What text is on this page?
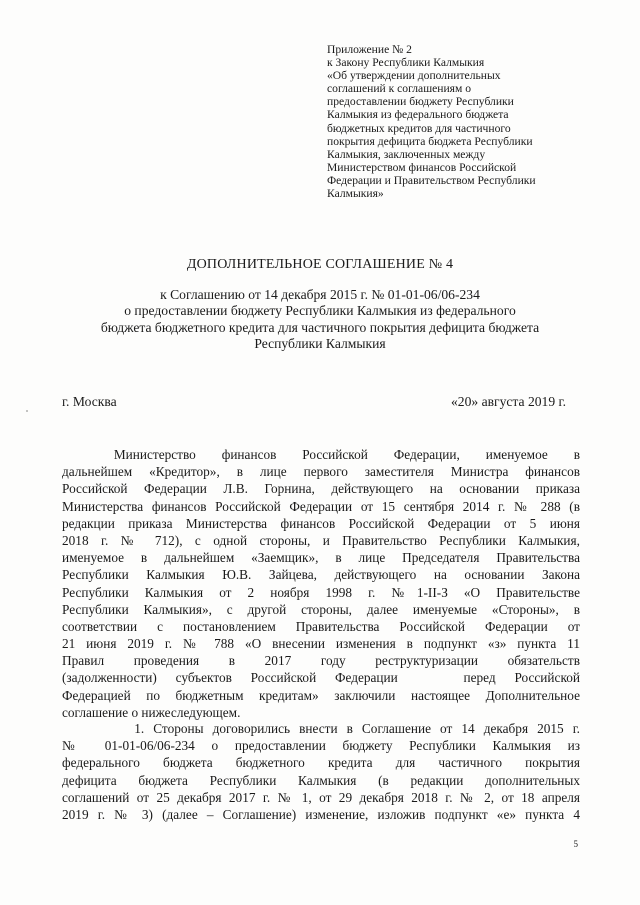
Приложение № 2
к Закону Республики Калмыкия
«Об утверждении дополнительных
соглашений к соглашениям о
предоставлении бюджету Республики
Калмыкия из федерального бюджета
бюджетных кредитов для частичного
покрытия дефицита бюджета Республики
Калмыкия, заключенных между
Министерством финансов Российской
Федерации и Правительством Республики
Калмыкия»
ДОПОЛНИТЕЛЬНОЕ СОГЛАШЕНИЕ № 4
к Соглашению от 14 декабря 2015 г. № 01-01-06/06-234
о предоставлении бюджету Республики Калмыкия из федерального
бюджета бюджетного кредита для частичного покрытия дефицита бюджета
Республики Калмыкия
г. Москва	«20» августа 2019 г.
Министерство    финансов    Российской    Федерации,    именуемое    в
дальнейшем «Кредитор», в лице первого заместителя Министра финансов
Российской Федерации Л.В. Горнина, действующего на основании приказа
Министерства финансов Российской Федерации от 15 сентября 2014 г. № 288 (в
редакции приказа Министерства финансов Российской Федерации от 5 июня
2018 г. № 712), с одной стороны, и Правительство Республики Калмыкия,
именуемое в дальнейшем «Заемщик», в лице Председателя Правительства
Республики Калмыкия Ю.В. Зайцева, действующего на основании Закона
Республики Калмыкия от 2 ноября 1998 г. №1-II-З «О Правительстве
Республики Калмыкия», с другой стороны, далее именуемые «Стороны», в
соответствии с постановлением Правительства Российской Федерации от
21 июня 2019 г. № 788 «О внесении изменения в подпункт «з» пункта 11
Правил    проведения    в    2017    году    реструктуризации    обязательств
(задолженности)  субъектов  Российской  Федерации       перед  Российской
Федерацией по бюджетным кредитам» заключили настоящее Дополнительное
соглашение о нижеследующем.
1. Стороны договорились внести в Соглашение от 14 декабря 2015 г.
№ 01-01-06/06-234 о предоставлении бюджету Республики Калмыкия из
федерального бюджета бюджетного кредита для частичного покрытия
дефицита бюджета Республики Калмыкия (в редакции дополнительных
соглашений от 25 декабря 2017 г. № 1, от 29 декабря 2018 г. № 2, от 18 апреля
2019 г. № 3) (далее – Соглашение) изменение, изложив подпункт «е» пункта 4
5
